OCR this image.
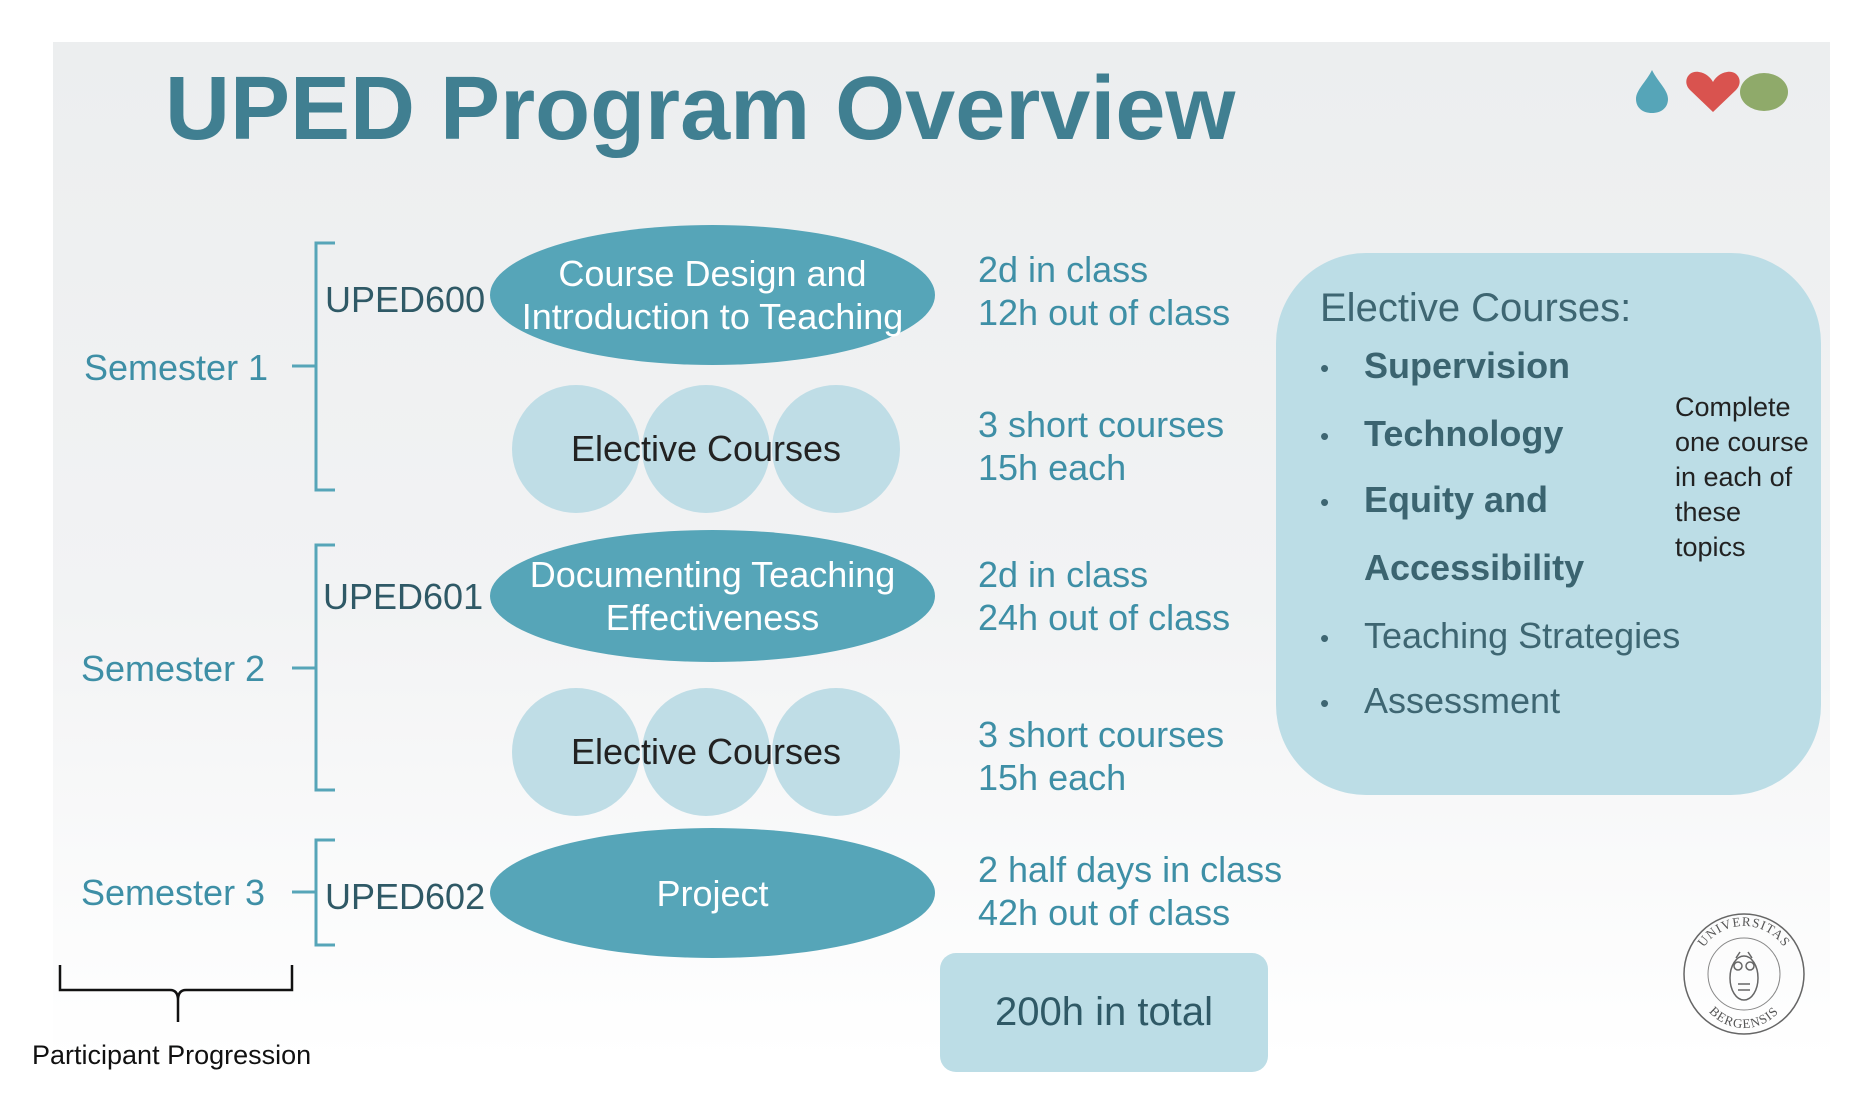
UPED Program Overview
Semester 1
Semester 2
Semester 3
UPED600
UPED601
UPED602
Course Design and
Introduction to Teaching
Documenting Teaching
Effectiveness
Project
Elective Courses
Elective Courses
2d in class
12h out of class
3 short courses
15h each
2d in class
24h out of class
3 short courses
15h each
2 half days in class
42h out of class
Elective Courses:
• Supervision
• Technology
• Equity and
Accessibility
• Teaching Strategies
• Assessment
Complete
one course
in each of
these
topics
200h in total
Participant Progression
UNIVERSITAS
BERGENSIS
